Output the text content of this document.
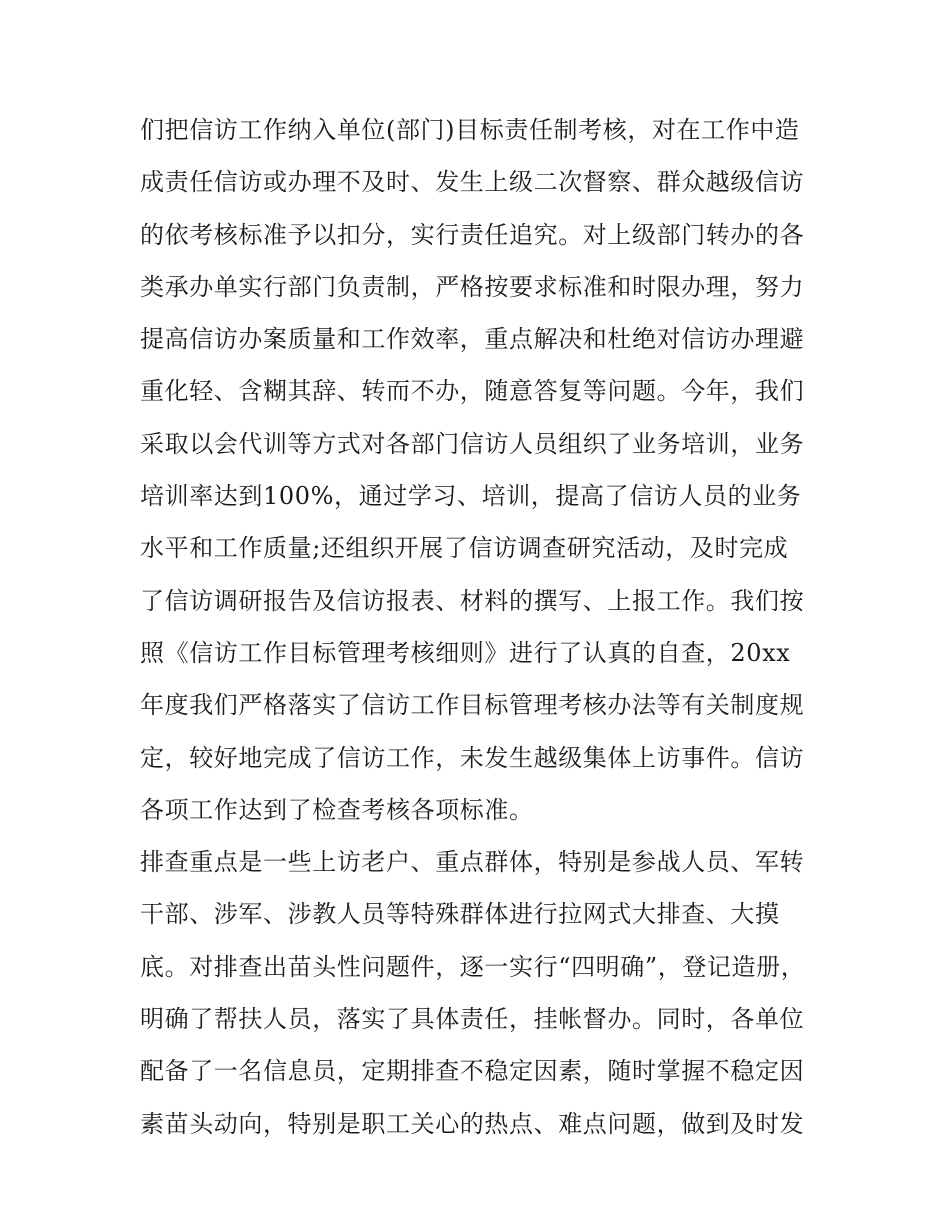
们把信访工作纳入单位(部门)目标责任制考核，对在工作中造
成责任信访或办理不及时、发生上级二次督察、群众越级信访
的依考核标准予以扣分，实行责任追究。对上级部门转办的各
类承办单实行部门负责制，严格按要求标准和时限办理，努力
提高信访办案质量和工作效率，重点解决和杜绝对信访办理避
重化轻、含糊其辞、转而不办，随意答复等问题。今年，我们
采取以会代训等方式对各部门信访人员组织了业务培训，业务
培训率达到100%，通过学习、培训，提高了信访人员的业务
水平和工作质量;还组织开展了信访调查研究活动，及时完成
了信访调研报告及信访报表、材料的撰写、上报工作。我们按
照《信访工作目标管理考核细则》进行了认真的自查，20xx
年度我们严格落实了信访工作目标管理考核办法等有关制度规
定，较好地完成了信访工作，未发生越级集体上访事件。信访
各项工作达到了检查考核各项标准。
排查重点是一些上访老户、重点群体，特别是参战人员、军转
干部、涉军、涉教人员等特殊群体进行拉网式大排查、大摸
底。对排查出苗头性问题件，逐一实行“四明确”，登记造册，
明确了帮扶人员，落实了具体责任，挂帐督办。同时，各单位
配备了一名信息员，定期排查不稳定因素，随时掌握不稳定因
素苗头动向，特别是职工关心的热点、难点问题，做到及时发
